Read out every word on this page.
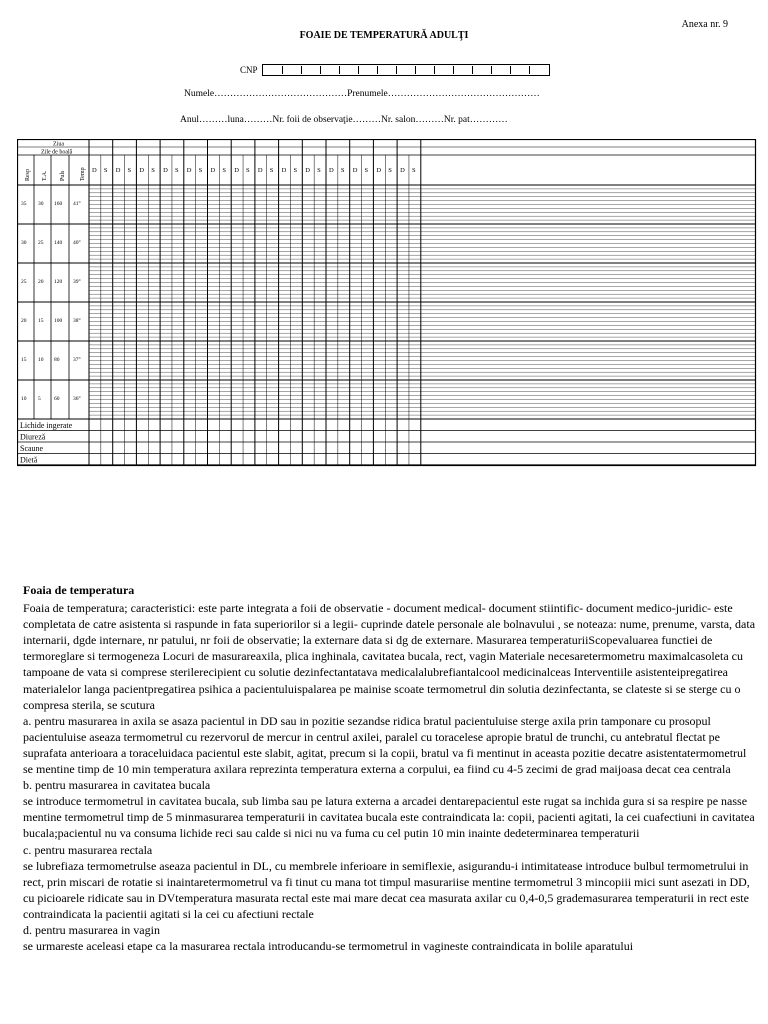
Anexa nr. 9
FOAIE DE TEMPERATURĂ ADULŢI
CNP
Numele……………………………………Prenumele…………………………………………
Anul………luna………Nr. foii de observaţie………Nr. salon………Nr. pat…………
Ziua
Zile de boală
Resp T.A. Puls Temp D S D S D S D S D S D S D S D S D S D S D S D S D S D S
35 30 160 41°
30 25 140 40°
25 20 120 39°
20 15 100 38°
15 10 80 37°
10 5 60 36°
Lichide ingerate
Diureză
Scaune
Dietă
Foaia de temperatura

Foaia de temperatura; caracteristici: este parte integrata a foii de observatie - document medical- document stiintific- document medico-juridic- este completata de catre asistenta si raspunde in fata superiorilor si a legii- cuprinde datele personale ale bolnavului , se noteaza: nume, prenume, varsta, data internarii, dgde internare, nr patului, nr foii de observatie; la externare data si dg de externare. Masurarea temperaturiiScopevaluarea functiei de termoreglare si termogeneza Locuri de masurareaxila, plica inghinala, cavitatea bucala, rect, vagin Materiale necesaretermometru maximalcasoleta cu tampoane de vata si comprese sterilerecipient cu solutie dezinfectantatava medicalalubrefiantalcool medicinalceas Interventiile asistenteipregatirea materialelor langa pacientpregatirea psihica a pacientuluispalarea pe mainise scoate termometrul din solutia dezinfectanta, se clateste si se sterge cu o compresa sterila, se scutura

a. pentru masurarea in axila se asaza pacientul in DD sau in pozitie sezandse ridica bratul pacientuluise sterge axila prin tamponare cu prosopul pacientuluise aseaza termometrul cu rezervorul de mercur in centrul axilei, paralel cu toracelese apropie bratul de trunchi, cu antebratul flectat pe suprafata anterioara a toraceluidaca pacientul este slabit, agitat, precum si la copii, bratul va fi mentinut in aceasta pozitie decatre asistentatermometrul se mentine timp de 10 min temperatura axilara reprezinta temperatura externa a corpului, ea fiind cu 4-5 zecimi de grad maijoasa decat cea centrala

b. pentru masurarea in cavitatea bucala

se introduce termometrul in cavitatea bucala, sub limba sau pe latura externa a arcadei dentarepacientul este rugat sa inchida gura si sa respire pe nasse mentine termometrul timp de 5 minmasurarea temperaturii in cavitatea bucala este contraindicata la: copii, pacienti agitati, la cei cuafectiuni in cavitatea bucala;pacientul nu va consuma lichide reci sau calde si nici nu va fuma cu cel putin 10 min inainte dedeterminarea temperaturii

c. pentru masurarea rectala

se lubrefiaza termometrulse aseaza pacientul in DL, cu membrele inferioare in semiflexie, asigurandu-i intimitatease introduce bulbul termometrului in rect, prin miscari de rotatie si inaintaretermometrul va fi tinut cu mana tot timpul masurariise mentine termometrul 3 mincopiii mici sunt asezati in DD, cu picioarele ridicate sau in DVtemperatura masurata rectal este mai mare decat cea masurata axilar cu 0,4-0,5 grademasurarea temperaturii in rect este contraindicata la pacientii agitati si la cei cu afectiuni rectale

d. pentru masurarea in vagin

se urmareste aceleasi etape ca la masurarea rectala introducandu-se termometrul in vagineste contraindicata in bolile aparatului
